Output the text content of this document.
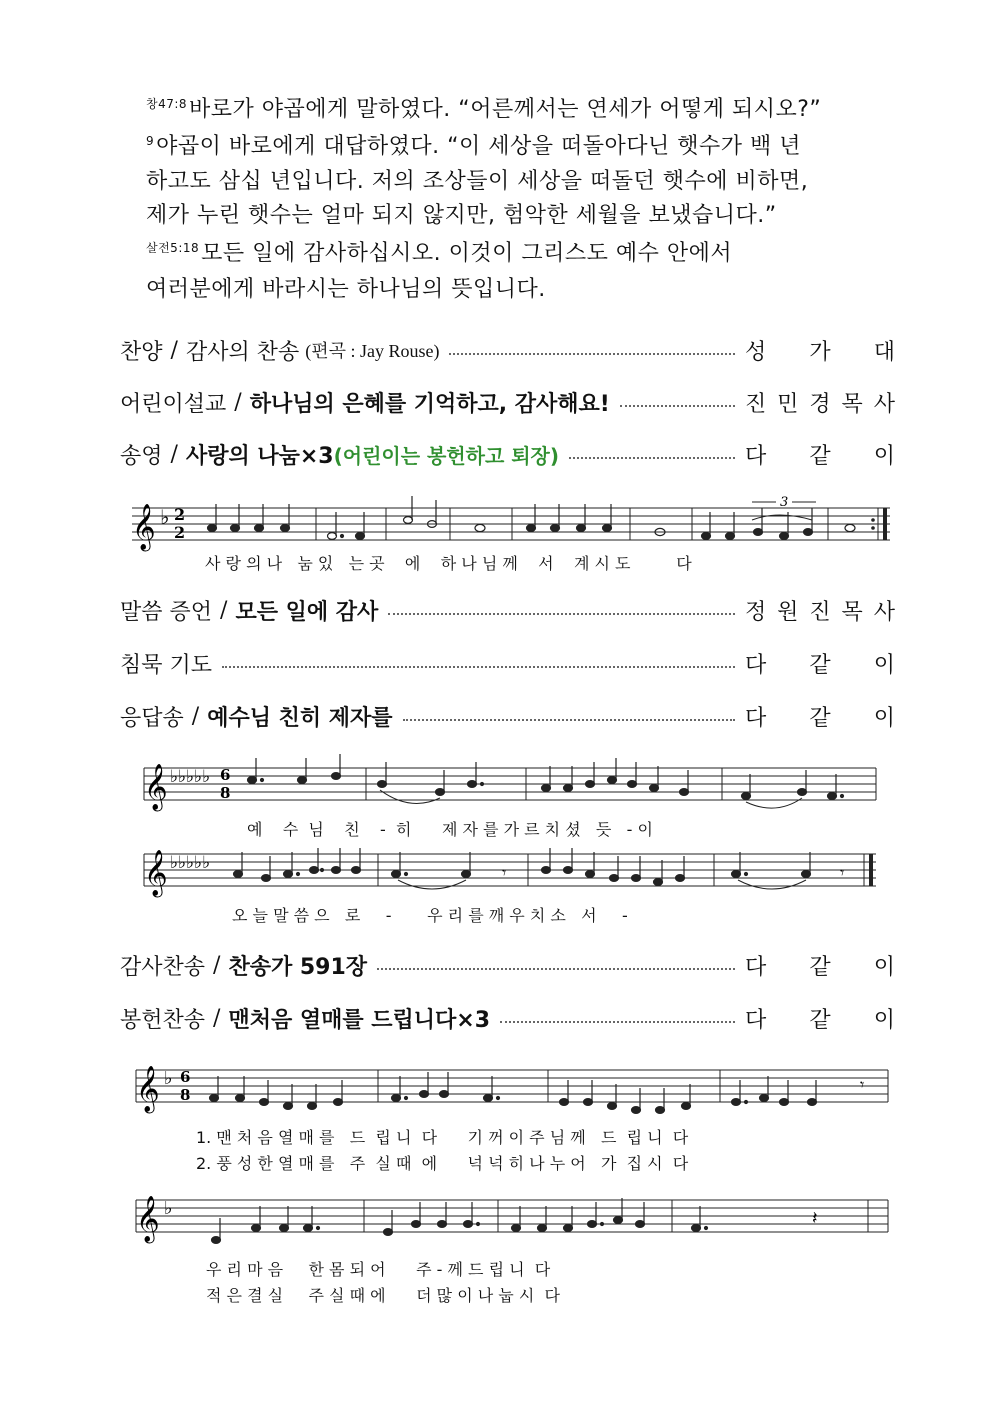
$^{창47:8}$바로가 야곱에게 말하였다. “어른께서는 연세가 어떻게 되시오?”
$^9$야곱이 바로에게 대답하였다. “이 세상을 떠돌아다닌 햇수가 백 년
하고도 삼십 년입니다. 저의 조상들이 세상을 떠돌던 햇수에 비하면,
제가 누린 햇수는 얼마 되지 않지만, 험악한 세월을 보냈습니다.”
$^{살전5:18}$모든 일에 감사하십시오. 이것이 그리스도 예수 안에서
여러분에게 바라시는 하나님의 뜻입니다.
찬양 / 감사의 찬송 (편곡 : Jay Rouse)	성 가 대
어린이설교 / 하나님의 은혜를 기억하고, 감사해요!	진 민 경 목 사
송영 / 사랑의 나눔×3 (어린이는 봉헌하고 퇴장)	다 같 이
𝄞 ♭ 2
2
3
사 랑 의 나   눔 있   는 곳    에    하 나 님 께    서    계 시 도         다
말씀 증언 / 모든 일에 감사	정 원 진 목 사
침묵 기도	다 같 이
응답송 / 예수님 친히 제자를	다 같 이
𝄞 ♭♭♭♭♭ 6
8
예    수  님    친    -  히      제 자 를 가 르 치 셨   듯   - 이
𝄞 ♭♭♭♭♭	𝄾	𝄾
오 늘 말 씀 으   로     -       우 리 를 깨 우 치 소   서     -
감사찬송 / 찬송가 591장	다 같 이
봉헌찬송 / 맨처음 열매를 드립니다×3	다 같 이
𝄞 ♭ 6
8
𝄾
1. 맨 처 음 열 매 를   드  립 니  다      기 꺼 이 주 님 께   드  립 니  다
2. 풍 성 한 열 매 를   주  실 때  에      넉 넉 히 나 누 어   가  집 시  다
𝄞 ♭	𝄽
우 리 마 음     한 몸 되 어      주 - 께 드 립 니  다
적 은 결 실     주 실 때 에      더 많 이 나 눕 시  다
